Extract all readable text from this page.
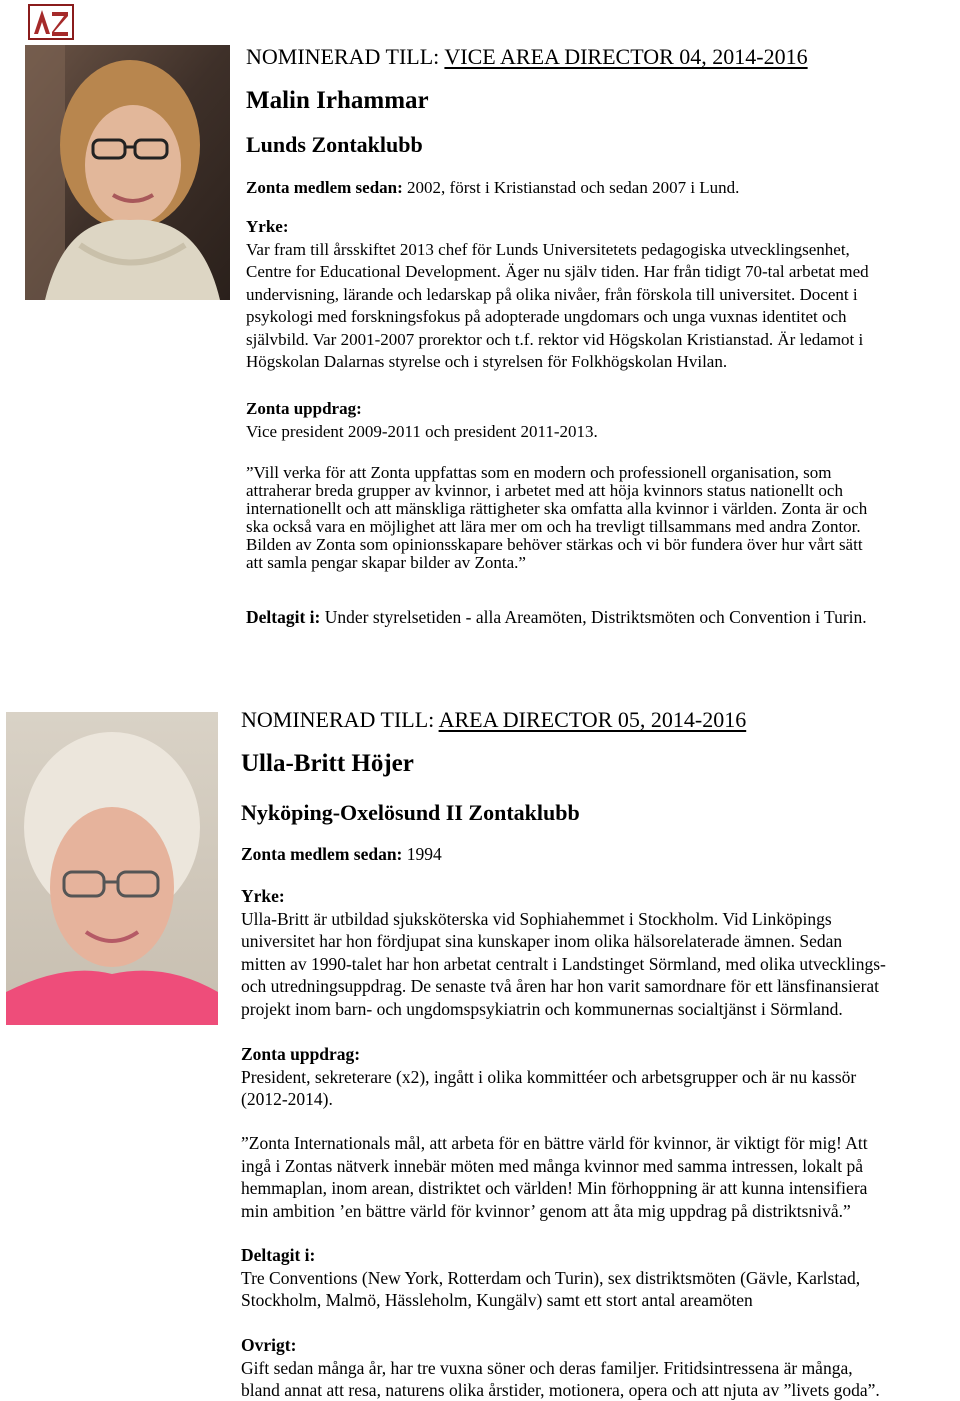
NOMINERAD TILL: VICE AREA DIRECTOR 04, 2014-2016
Malin Irhammar
Lunds Zontaklubb
Zonta medlem sedan: 2002, först i Kristianstad och sedan 2007 i Lund.
Yrke:
Var fram till årsskiftet 2013 chef för Lunds Universitetets pedagogiska utvecklingsenhet,
Centre for Educational Development. Äger nu själv tiden. Har från tidigt 70-tal arbetat med
undervisning, lärande och ledarskap på olika nivåer, från förskola till universitet. Docent i
psykologi med forskningsfokus på adopterade ungdomars och unga vuxnas identitet och
självbild. Var 2001-2007 prorektor och t.f. rektor vid Högskolan Kristianstad. Är ledamot i
Högskolan Dalarnas styrelse och i styrelsen för Folkhögskolan Hvilan.
Zonta uppdrag:
Vice president 2009-2011 och president 2011-2013.
”Vill verka för att Zonta uppfattas som en modern och professionell organisation, som
attraherar breda grupper av kvinnor, i arbetet med att höja kvinnors status nationellt och
internationellt och att mänskliga rättigheter ska omfatta alla kvinnor i världen. Zonta är och
ska också vara en möjlighet att lära mer om och ha trevligt tillsammans med andra Zontor.
Bilden av Zonta som opinionsskapare behöver stärkas och vi bör fundera över hur vårt sätt
att samla pengar skapar bilder av Zonta.”
Deltagit i: Under styrelsetiden - alla Areamöten, Distriktsmöten och Convention i Turin.
NOMINERAD TILL: AREA DIRECTOR 05, 2014-2016
Ulla-Britt Höjer
Nyköping-Oxelösund II Zontaklubb
Zonta medlem sedan: 1994
Yrke:
Ulla-Britt är utbildad sjuksköterska vid Sophiahemmet i Stockholm. Vid Linköpings
universitet har hon fördjupat sina kunskaper inom olika hälsorelaterade ämnen. Sedan
mitten av 1990-talet har hon arbetat centralt i Landstinget Sörmland, med olika utvecklings-
och utredningsuppdrag. De senaste två åren har hon varit samordnare för ett länsfinansierat
projekt inom barn- och ungdomspsykiatrin och kommunernas socialtjänst i Sörmland.
Zonta uppdrag:
President, sekreterare (x2), ingått i olika kommittéer och arbetsgrupper och är nu kassör
(2012-2014).
”Zonta Internationals mål, att arbeta för en bättre värld för kvinnor, är viktigt för mig! Att
ingå i Zontas nätverk innebär möten med många kvinnor med samma intressen, lokalt på
hemmaplan, inom arean, distriktet och världen! Min förhoppning är att kunna intensifiera
min ambition ’en bättre värld för kvinnor’ genom att åta mig uppdrag på distriktsnivå.”
Deltagit i:
Tre Conventions (New York, Rotterdam och Turin), sex distriktsmöten (Gävle, Karlstad,
Stockholm, Malmö, Hässleholm, Kungälv) samt ett stort antal areamöten
Ovrigt:
Gift sedan många år, har tre vuxna söner och deras familjer. Fritidsintressena är många,
bland annat att resa, naturens olika årstider, motionera, opera och att njuta av ”livets goda”.
